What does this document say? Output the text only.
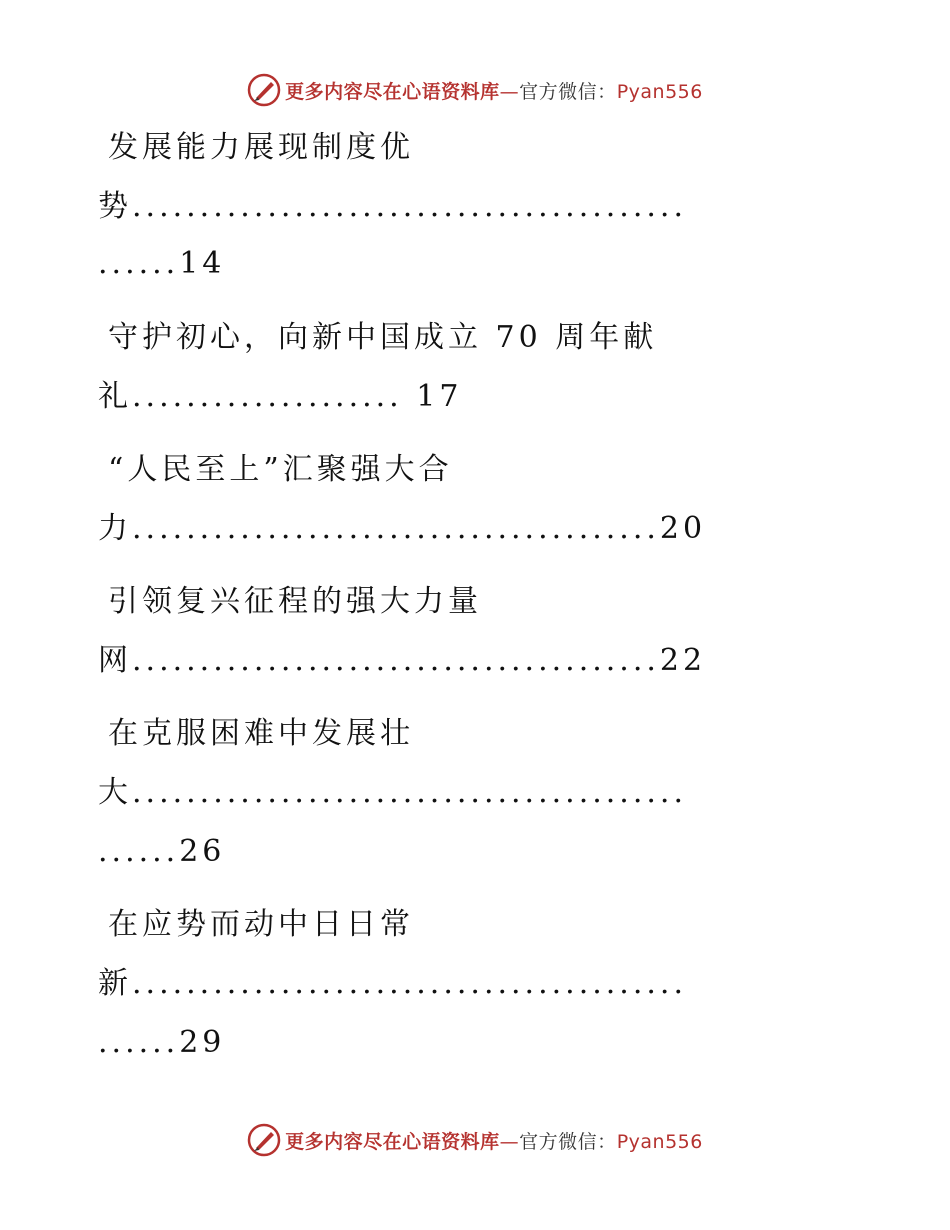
更多内容尽在心语资料库—官方微信：Pyan556
发展能力展现制度优
势.........................................
......14
守护初心，向新中国成立 70 周年献
礼.................... 17
“人民至上”汇聚强大合
力.......................................20
引领复兴征程的强大力量
网.......................................22
在克服困难中发展壮
大.........................................
......26
在应势而动中日日常
新.........................................
......29
更多内容尽在心语资料库—官方微信：Pyan556
